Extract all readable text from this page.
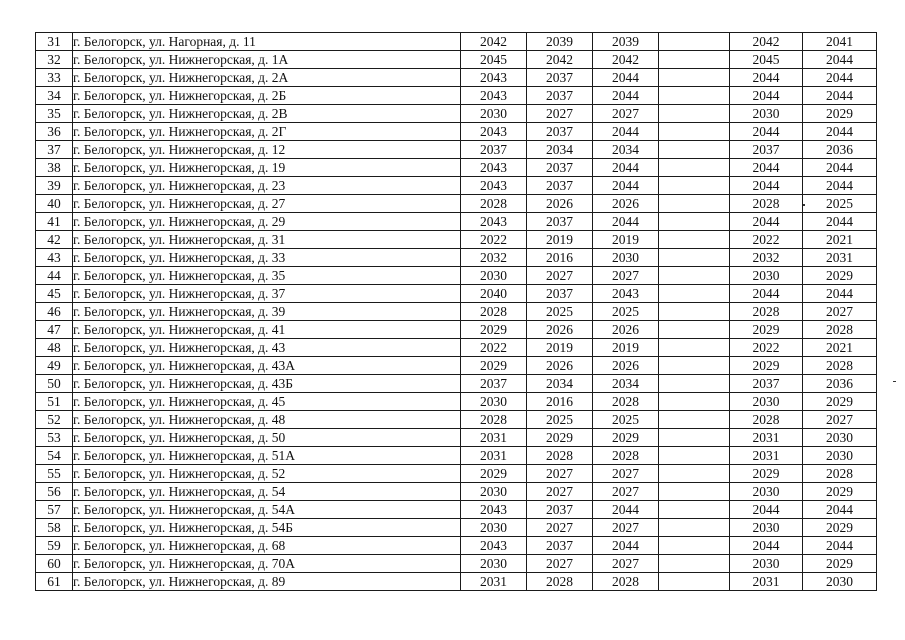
31	г. Белогорск, ул. Нагорная, д. 11	2042	2039	2039		2042	2041
32	г. Белогорск, ул. Нижнегорская, д. 1А	2045	2042	2042		2045	2044
33	г. Белогорск, ул. Нижнегорская, д. 2А	2043	2037	2044		2044	2044
34	г. Белогорск, ул. Нижнегорская, д. 2Б	2043	2037	2044		2044	2044
35	г. Белогорск, ул. Нижнегорская, д. 2В	2030	2027	2027		2030	2029
36	г. Белогорск, ул. Нижнегорская, д. 2Г	2043	2037	2044		2044	2044
37	г. Белогорск, ул. Нижнегорская, д. 12	2037	2034	2034		2037	2036
38	г. Белогорск, ул. Нижнегорская, д. 19	2043	2037	2044		2044	2044
39	г. Белогорск, ул. Нижнегорская, д. 23	2043	2037	2044		2044	2044
40	г. Белогорск, ул. Нижнегорская, д. 27	2028	2026	2026		2028	2025
41	г. Белогорск, ул. Нижнегорская, д. 29	2043	2037	2044		2044	2044
42	г. Белогорск, ул. Нижнегорская, д. 31	2022	2019	2019		2022	2021
43	г. Белогорск, ул. Нижнегорская, д. 33	2032	2016	2030		2032	2031
44	г. Белогорск, ул. Нижнегорская, д. 35	2030	2027	2027		2030	2029
45	г. Белогорск, ул. Нижнегорская, д. 37	2040	2037	2043		2044	2044
46	г. Белогорск, ул. Нижнегорская, д. 39	2028	2025	2025		2028	2027
47	г. Белогорск, ул. Нижнегорская, д. 41	2029	2026	2026		2029	2028
48	г. Белогорск, ул. Нижнегорская, д. 43	2022	2019	2019		2022	2021
49	г. Белогорск, ул. Нижнегорская, д. 43А	2029	2026	2026		2029	2028
50	г. Белогорск, ул. Нижнегорская, д. 43Б	2037	2034	2034		2037	2036
51	г. Белогорск, ул. Нижнегорская, д. 45	2030	2016	2028		2030	2029
52	г. Белогорск, ул. Нижнегорская, д. 48	2028	2025	2025		2028	2027
53	г. Белогорск, ул. Нижнегорская, д. 50	2031	2029	2029		2031	2030
54	г. Белогорск, ул. Нижнегорская, д. 51А	2031	2028	2028		2031	2030
55	г. Белогорск, ул. Нижнегорская, д. 52	2029	2027	2027		2029	2028
56	г. Белогорск, ул. Нижнегорская, д. 54	2030	2027	2027		2030	2029
57	г. Белогорск, ул. Нижнегорская, д. 54А	2043	2037	2044		2044	2044
58	г. Белогорск, ул. Нижнегорская, д. 54Б	2030	2027	2027		2030	2029
59	г. Белогорск, ул. Нижнегорская, д. 68	2043	2037	2044		2044	2044
60	г. Белогорск, ул. Нижнегорская, д. 70А	2030	2027	2027		2030	2029
61	г. Белогорск, ул. Нижнегорская, д. 89	2031	2028	2028		2031	2030
